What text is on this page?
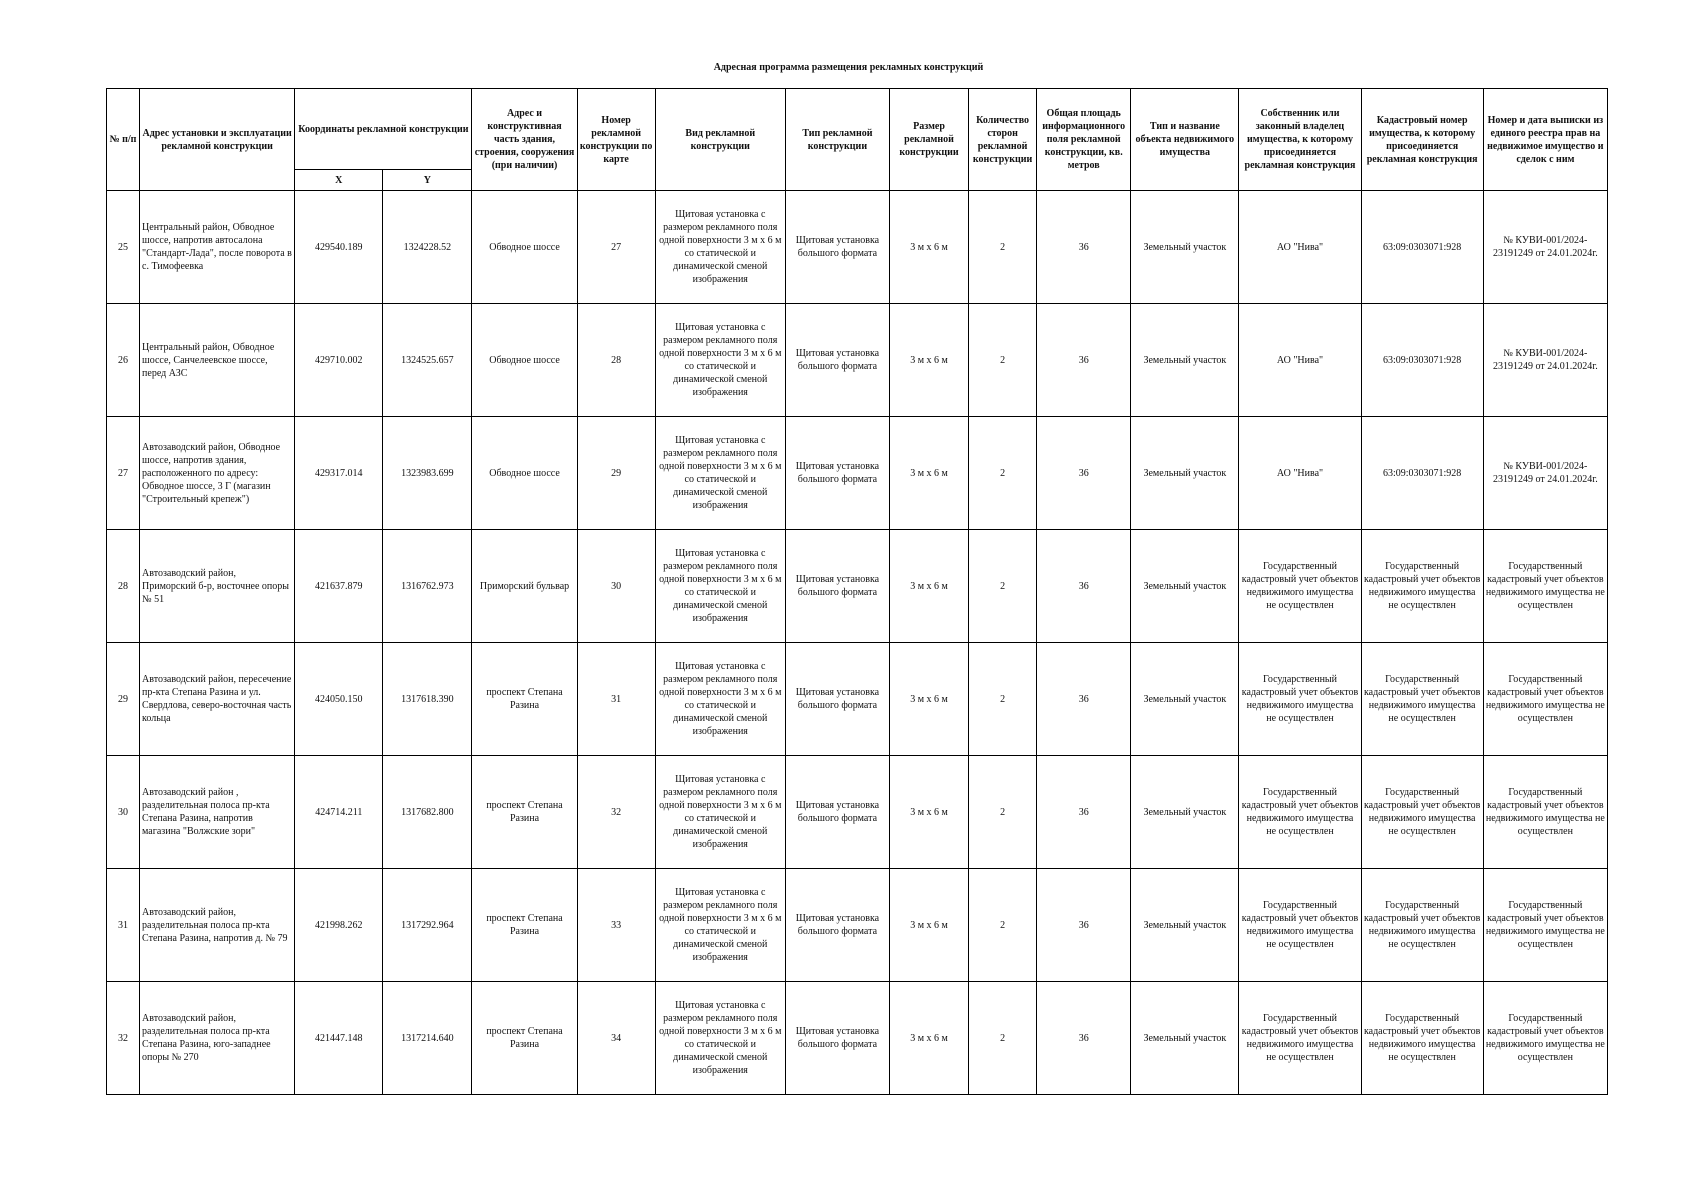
Адресная программа размещения рекламных конструкций
№ п/п	Адрес установки и эксплуатации рекламной конструкции	Координаты рекламной конструкции		Адрес и конструктивная часть здания, строения, сооружения (при наличии)	Номер рекламной конструкции по карте	Вид рекламной конструкции	Тип рекламной конструкции	Размер рекламной конструкции	Количество сторон рекламной конструкции	Общая площадь информационного поля рекламной конструкции, кв. метров	Тип и название объекта недвижимого имущества	Собственник или законный владелец имущества, к которому присоединяется рекламная конструкция	Кадастровый номер имущества, к которому присоединяется рекламная конструкция	Номер и дата выписки из единого реестра прав на недвижимое имущество и сделок с ним
		X	Y											
25	Центральный район, Обводное шоссе, напротив автосалона "Стандарт-Лада", после поворота в с. Тимофеевка	429540.189	1324228.52	Обводное шоссе	27	Щитовая установка с размером рекламного поля одной поверхности 3 м х 6 м со статической и динамической сменой изображения	Щитовая установка большого формата	3 м х 6 м	2	36	Земельный участок	АО "Нива"	63:09:0303071:928	№ КУВИ-001/2024-23191249 от 24.01.2024г.
26	Центральный район, Обводное шоссе, Санчелеевское шоссе, перед АЗС	429710.002	1324525.657	Обводное шоссе	28	Щитовая установка с размером рекламного поля одной поверхности 3 м х 6 м со статической и динамической сменой изображения	Щитовая установка большого формата	3 м х 6 м	2	36	Земельный участок	АО "Нива"	63:09:0303071:928	№ КУВИ-001/2024-23191249 от 24.01.2024г.
27	Автозаводский район, Обводное шоссе, напротив здания, расположенного по адресу: Обводное шоссе, 3 Г (магазин "Строительный крепеж")	429317.014	1323983.699	Обводное шоссе	29	Щитовая установка с размером рекламного поля одной поверхности 3 м х 6 м со статической и динамической сменой изображения	Щитовая установка большого формата	3 м х 6 м	2	36	Земельный участок	АО "Нива"	63:09:0303071:928	№ КУВИ-001/2024-23191249 от 24.01.2024г.
28	Автозаводский район, Приморский б-р, восточнее опоры № 51	421637.879	1316762.973	Приморский бульвар	30	Щитовая установка с размером рекламного поля одной поверхности 3 м х 6 м со статической и динамической сменой изображения	Щитовая установка большого формата	3 м х 6 м	2	36	Земельный участок	Государственный кадастровый учет объектов недвижимого имущества не осуществлен	Государственный кадастровый учет объектов недвижимого имущества не осуществлен	Государственный кадастровый учет объектов недвижимого имущества не осуществлен
29	Автозаводский район, пересечение пр-кта Степана Разина и ул. Свердлова, северо-восточная часть кольца	424050.150	1317618.390	проспект Степана Разина	31	Щитовая установка с размером рекламного поля одной поверхности 3 м х 6 м со статической и динамической сменой изображения	Щитовая установка большого формата	3 м х 6 м	2	36	Земельный участок	Государственный кадастровый учет объектов недвижимого имущества не осуществлен	Государственный кадастровый учет объектов недвижимого имущества не осуществлен	Государственный кадастровый учет объектов недвижимого имущества не осуществлен
30	Автозаводский район , разделительная полоса пр-кта Степана Разина, напротив магазина "Волжские зори"	424714.211	1317682.800	проспект Степана Разина	32	Щитовая установка с размером рекламного поля одной поверхности 3 м х 6 м со статической и динамической сменой изображения	Щитовая установка большого формата	3 м х 6 м	2	36	Земельный участок	Государственный кадастровый учет объектов недвижимого имущества не осуществлен	Государственный кадастровый учет объектов недвижимого имущества не осуществлен	Государственный кадастровый учет объектов недвижимого имущества не осуществлен
31	Автозаводский район, разделительная полоса пр-кта Степана Разина, напротив д. № 79	421998.262	1317292.964	проспект Степана Разина	33	Щитовая установка с размером рекламного поля одной поверхности 3 м х 6 м со статической и динамической сменой изображения	Щитовая установка большого формата	3 м х 6 м	2	36	Земельный участок	Государственный кадастровый учет объектов недвижимого имущества не осуществлен	Государственный кадастровый учет объектов недвижимого имущества не осуществлен	Государственный кадастровый учет объектов недвижимого имущества не осуществлен
32	Автозаводский район, разделительная полоса пр-кта Степана Разина, юго-западнее опоры № 270	421447.148	1317214.640	проспект Степана Разина	34	Щитовая установка с размером рекламного поля одной поверхности 3 м х 6 м со статической и динамической сменой изображения	Щитовая установка большого формата	3 м х 6 м	2	36	Земельный участок	Государственный кадастровый учет объектов недвижимого имущества не осуществлен	Государственный кадастровый учет объектов недвижимого имущества не осуществлен	Государственный кадастровый учет объектов недвижимого имущества не осуществлен
